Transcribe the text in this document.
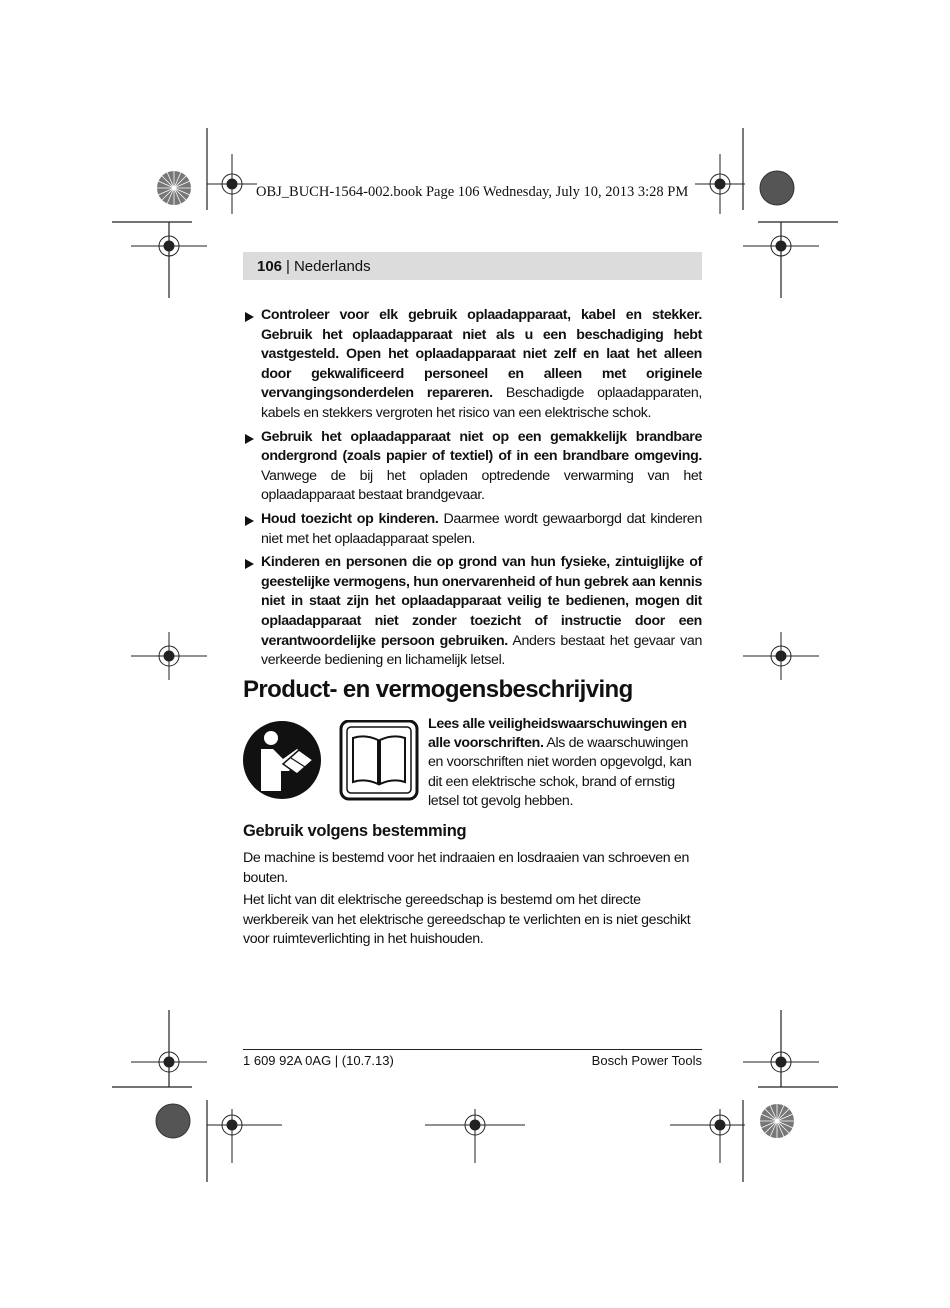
OBJ_BUCH-1564-002.book Page 106 Wednesday, July 10, 2013 3:28 PM
106 | Nederlands
Controleer voor elk gebruik oplaadapparaat, kabel en stekker. Gebruik het oplaadapparaat niet als u een beschadiging hebt vastgesteld. Open het oplaadapparaat niet zelf en laat het alleen door gekwalificeerd personeel en alleen met originele vervangingsonderdelen repareren. Beschadigde oplaadapparaten, kabels en stekkers vergroten het risico van een elektrische schok.
Gebruik het oplaadapparaat niet op een gemakkelijk brandbare ondergrond (zoals papier of textiel) of in een brandbare omgeving. Vanwege de bij het opladen optredende verwarming van het oplaadapparaat bestaat brandgevaar.
Houd toezicht op kinderen. Daarmee wordt gewaarborgd dat kinderen niet met het oplaadapparaat spelen.
Kinderen en personen die op grond van hun fysieke, zintuiglijke of geestelijke vermogens, hun onervarenheid of hun gebrek aan kennis niet in staat zijn het oplaadapparaat veilig te bedienen, mogen dit oplaadapparaat niet zonder toezicht of instructie door een verantwoordelijke persoon gebruiken. Anders bestaat het gevaar van verkeerde bediening en lichamelijk letsel.
Product- en vermogensbeschrijving
Lees alle veiligheidswaarschuwingen en alle voorschriften. Als de waarschuwingen en voorschriften niet worden opgevolgd, kan dit een elektrische schok, brand of ernstig letsel tot gevolg hebben.
Gebruik volgens bestemming

De machine is bestemd voor het indraaien en losdraaien van schroeven en bouten.

Het licht van dit elektrische gereedschap is bestemd om het directe werkbereik van het elektrische gereedschap te verlichten en is niet geschikt voor ruimteverlichting in het huishouden.

1 609 92A 0AG | (10.7.13)	Bosch Power Tools
